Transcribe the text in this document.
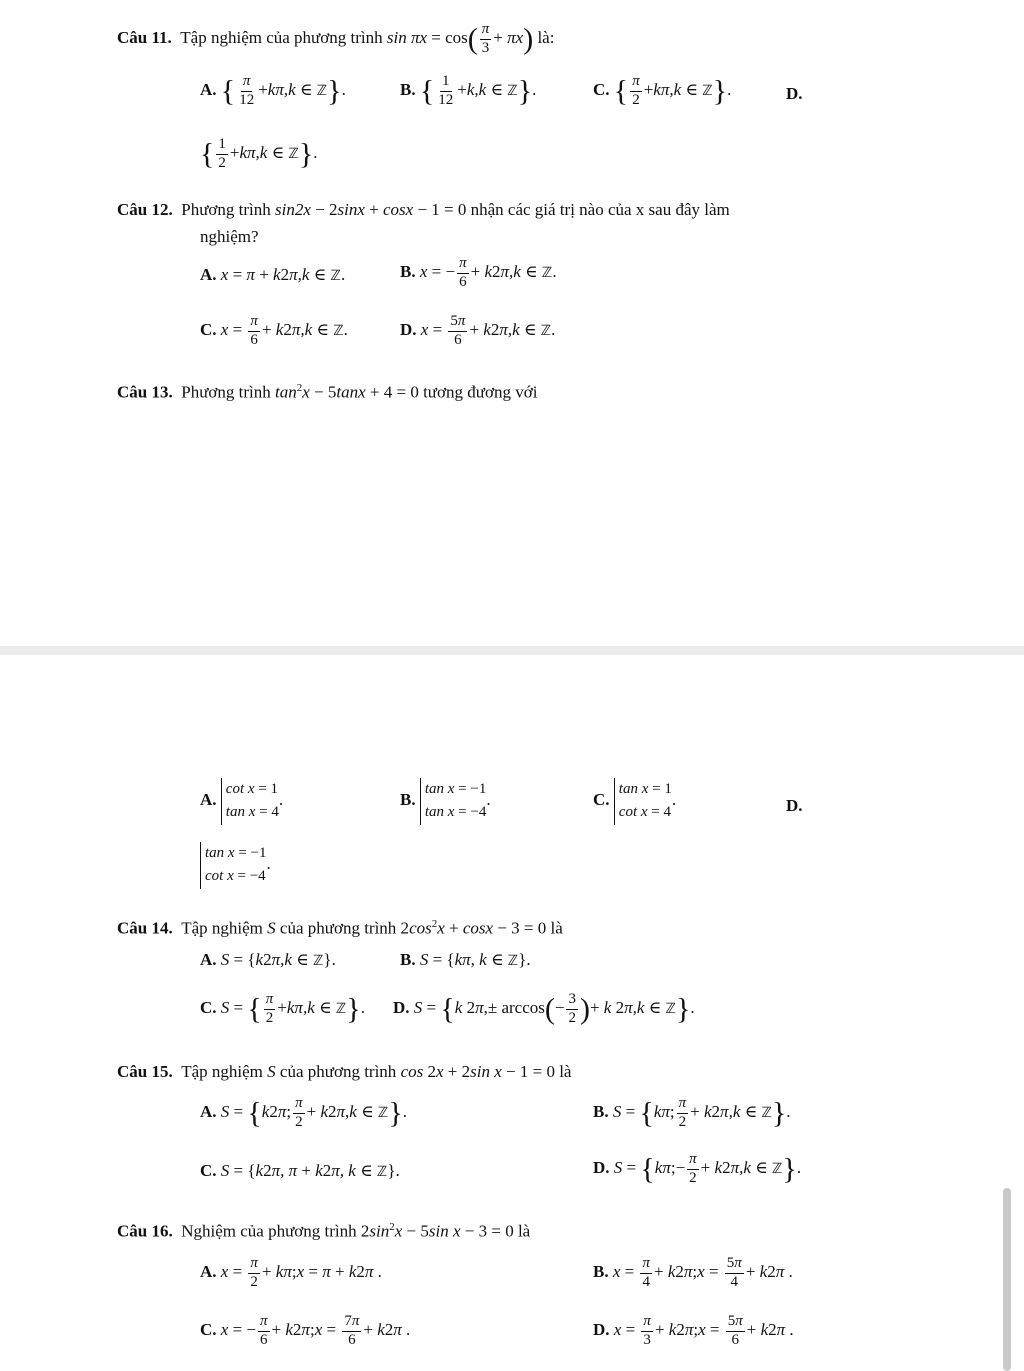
Câu 11.  Tập nghiệm của phương trình $\sin \pi x = \cos( \frac{\pi}{3} + \pi x)$ là:
A. { $\frac{\pi}{12} +k\pi,k$ ∈ ℤ}.	B. { $\frac{1}{12} +k,k$ ∈ ℤ}.	C. { $\frac{\pi}{2} +k\pi,k$ ∈ ℤ}.	D.
{ $\frac{1}{2} +k\pi,k$ ∈ ℤ}.
Câu 12.  Phương trình sin2x − 2sinx + cosx − 1 = 0 nhận các giá trị nào của x sau đây làm
nghiệm?
A. x = π + k2π,k ∈ ℤ.	B. x = − $\frac{\pi}{6} + k2\pi,k$ ∈ ℤ.
C. $x = \frac{\pi}{6} + k2\pi,k$ ∈ ℤ.	D. $x = \frac{5\pi}{6} + k2\pi,k$ ∈ ℤ.
Câu 13.  Phương trình $\tan^2x - 5\tan x + 4 = 0$ tương đương với
A.
cot x = 1
tan x = 4
.	B.
tan x = −1
tan x = −4
.	C.
tan x = 1
cot x = 4
.	D.
tan x = −1
cot x = −4
.
Câu 14.  Tập nghiệm S của phương trình $2\cos^2x + \cos x - 3 = 0$ là
A. S = {k2π,k ∈ ℤ}.	B. S = {kπ, k ∈ ℤ}.
C. S = { $\frac{\pi}{2} +k\pi,k$ ∈ ℤ}. D. S = {k $2\pi,\pm \arccos(- \frac{3}{2}$ )+ k 2π,k ∈ ℤ}.
Câu 15.  Tập nghiệm S của phương trình cos 2x + 2sin x − 1 = 0 là
A. S = {k2π; $\frac{\pi}{2} + k2\pi,k$ ∈ ℤ}.	B. S = {kπ; $\frac{\pi}{2} + k2\pi,k$ ∈ ℤ}.
C. S = {k2π, π + k2π, k ∈ ℤ}.	D. S = {kπ;− $\frac{\pi}{2} + k2\pi,k$ ∈ ℤ}.
Câu 16.  Nghiệm của phương trình $2\sin^2x - 5\sin$ x − 3 = 0 là
A. $x = \frac{\pi}{2}$ + kπ;x = π + k2π .	B. $x = \frac{\pi}{4}$ + k2π;x = $\frac{5\pi}{4} + k2\pi$ .
C. x = − $\frac{\pi}{6}$ + k2π;x = $\frac{7\pi}{6} + k2\pi$ .	D. $x = \frac{\pi}{3}$ + k2π;x = $\frac{5\pi}{6} + k2\pi$ .
